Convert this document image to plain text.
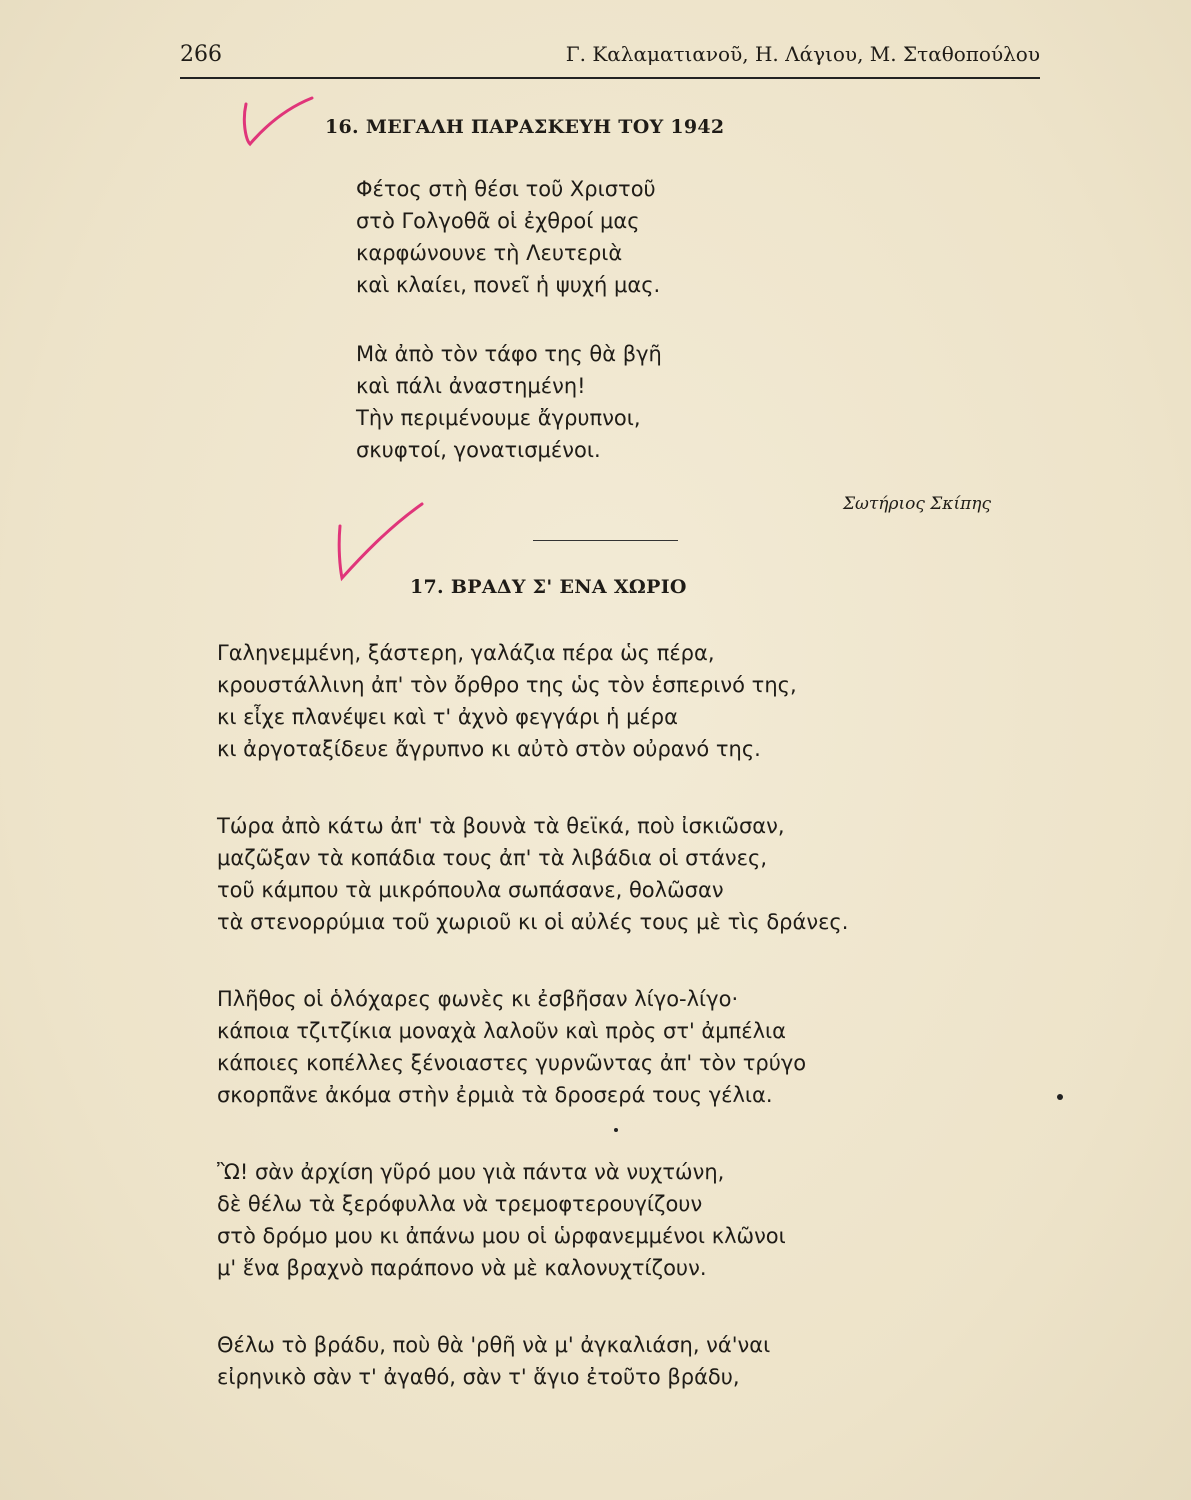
266	Γ. Καλαματιανοῦ, Η. Λάγιου, Μ. Σταθοπούλου
16. ΜΕΓΑΛΗ ΠΑΡΑΣΚΕΥΗ ΤΟΥ 1942
Φέτος στὴ θέσι τοῦ Χριστοῦ
στὸ Γολγοθᾶ οἱ ἐχθροί μας
καρφώνουνε τὴ Λευτεριὰ
καὶ κλαίει, πονεῖ ἡ ψυχή μας.
Μὰ ἀπὸ τὸν τάφο της θὰ βγῆ
καὶ πάλι ἀναστημένη!
Τὴν περιμένουμε ἄγρυπνοι,
σκυφτοί, γονατισμένοι.
Σωτήριος Σκίπης
17. ΒΡΑΔΥ Σ' ΕΝΑ ΧΩΡΙΟ
Γαληνεμμένη, ξάστερη, γαλάζια πέρα ὡς πέρα,
κρουστάλλινη ἀπ' τὸν ὄρθρο της ὡς τὸν ἑσπερινό της,
κι εἶχε πλανέψει καὶ τ' ἀχνὸ φεγγάρι ἡ μέρα
κι ἀργοταξίδευε ἄγρυπνο κι αὐτὸ στὸν οὐρανό της.
Τώρα ἀπὸ κάτω ἀπ' τὰ βουνὰ τὰ θεϊκά, ποὺ ἰσκιῶσαν,
μαζῶξαν τὰ κοπάδια τους ἀπ' τὰ λιβάδια οἱ στάνες,
τοῦ κάμπου τὰ μικρόπουλα σωπάσανε, θολῶσαν
τὰ στενορρύμια τοῦ χωριοῦ κι οἱ αὐλές τους μὲ τὶς δράνες.
Πλῆθος οἱ ὁλόχαρες φωνὲς κι ἐσβῆσαν λίγο-λίγο·
κάποια τζιτζίκια μοναχὰ λαλοῦν καὶ πρὸς στ' ἀμπέλια
κάποιες κοπέλλες ξένοιαστες γυρνῶντας ἀπ' τὸν τρύγο
σκορπᾶνε ἀκόμα στὴν ἐρμιὰ τὰ δροσερά τους γέλια.
Ὢ! σὰν ἀρχίση γῦρό μου γιὰ πάντα νὰ νυχτώνη,
δὲ θέλω τὰ ξερόφυλλα νὰ τρεμοφτερουγίζουν
στὸ δρόμο μου κι ἀπάνω μου οἱ ὡρφανεμμένοι κλῶνοι
μ' ἕνα βραχνὸ παράπονο νὰ μὲ καλονυχτίζουν.
Θέλω τὸ βράδυ, ποὺ θὰ 'ρθῆ νὰ μ' ἀγκαλιάση, νά'ναι
εἰρηνικὸ σὰν τ' ἀγαθό, σὰν τ' ἅγιο ἐτοῦτο βράδυ,
